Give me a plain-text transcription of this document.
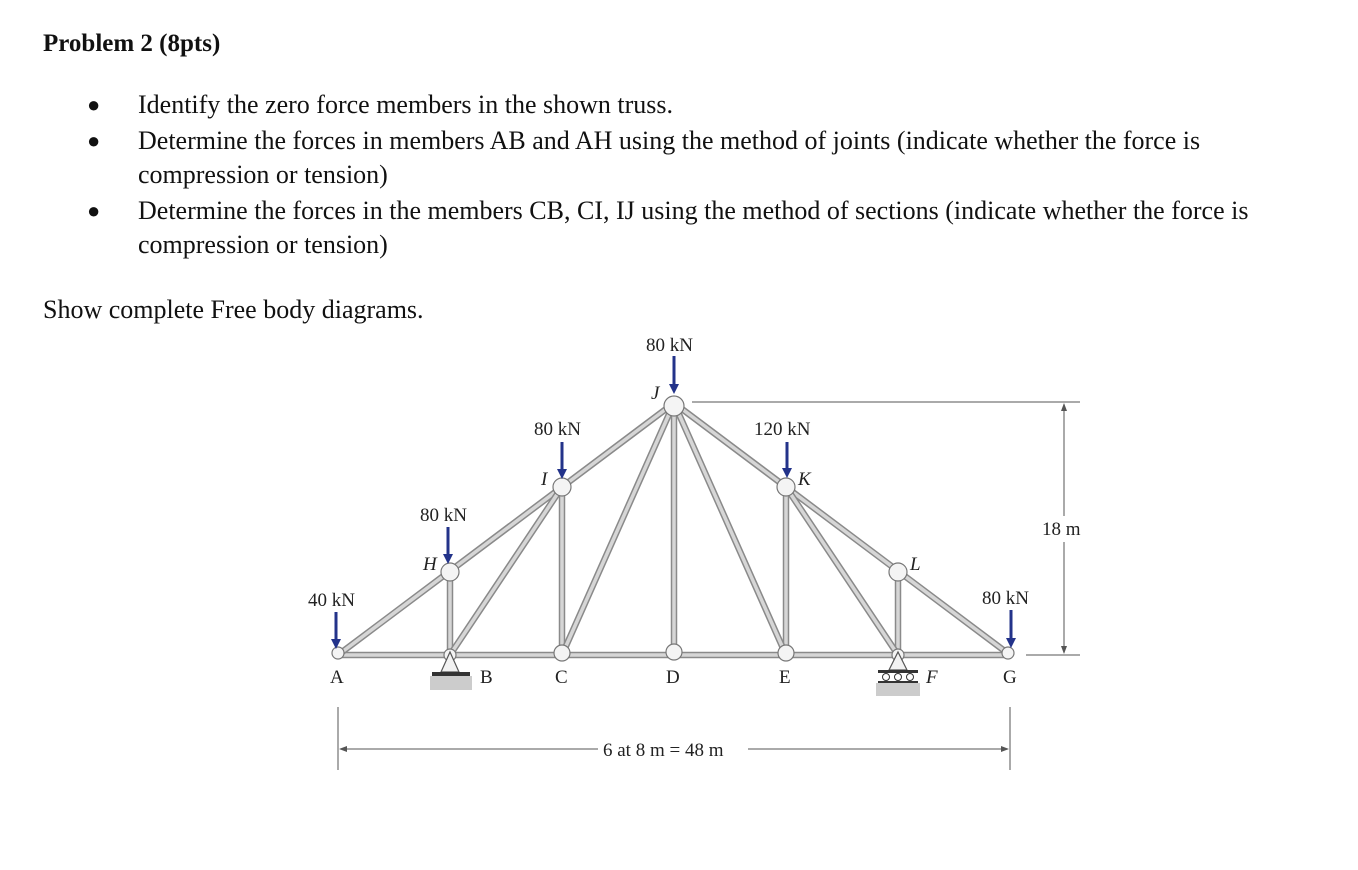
Problem 2 (8pts)
● Identify the zero force members in the shown truss.
● Determine the forces in members AB and AH using the method of joints (indicate whether the force is compression or tension)
● Determine the forces in the members CB, CI, IJ using the method of sections (indicate whether the force is compression or tension)

Show complete Free body diagrams.

40 kN
80 kN
80 kN
80 kN
120 kN
80 kN
A	B	C	D	E	F	G
H
I
J
K
L
18 m
6 at 8 m = 48 m
